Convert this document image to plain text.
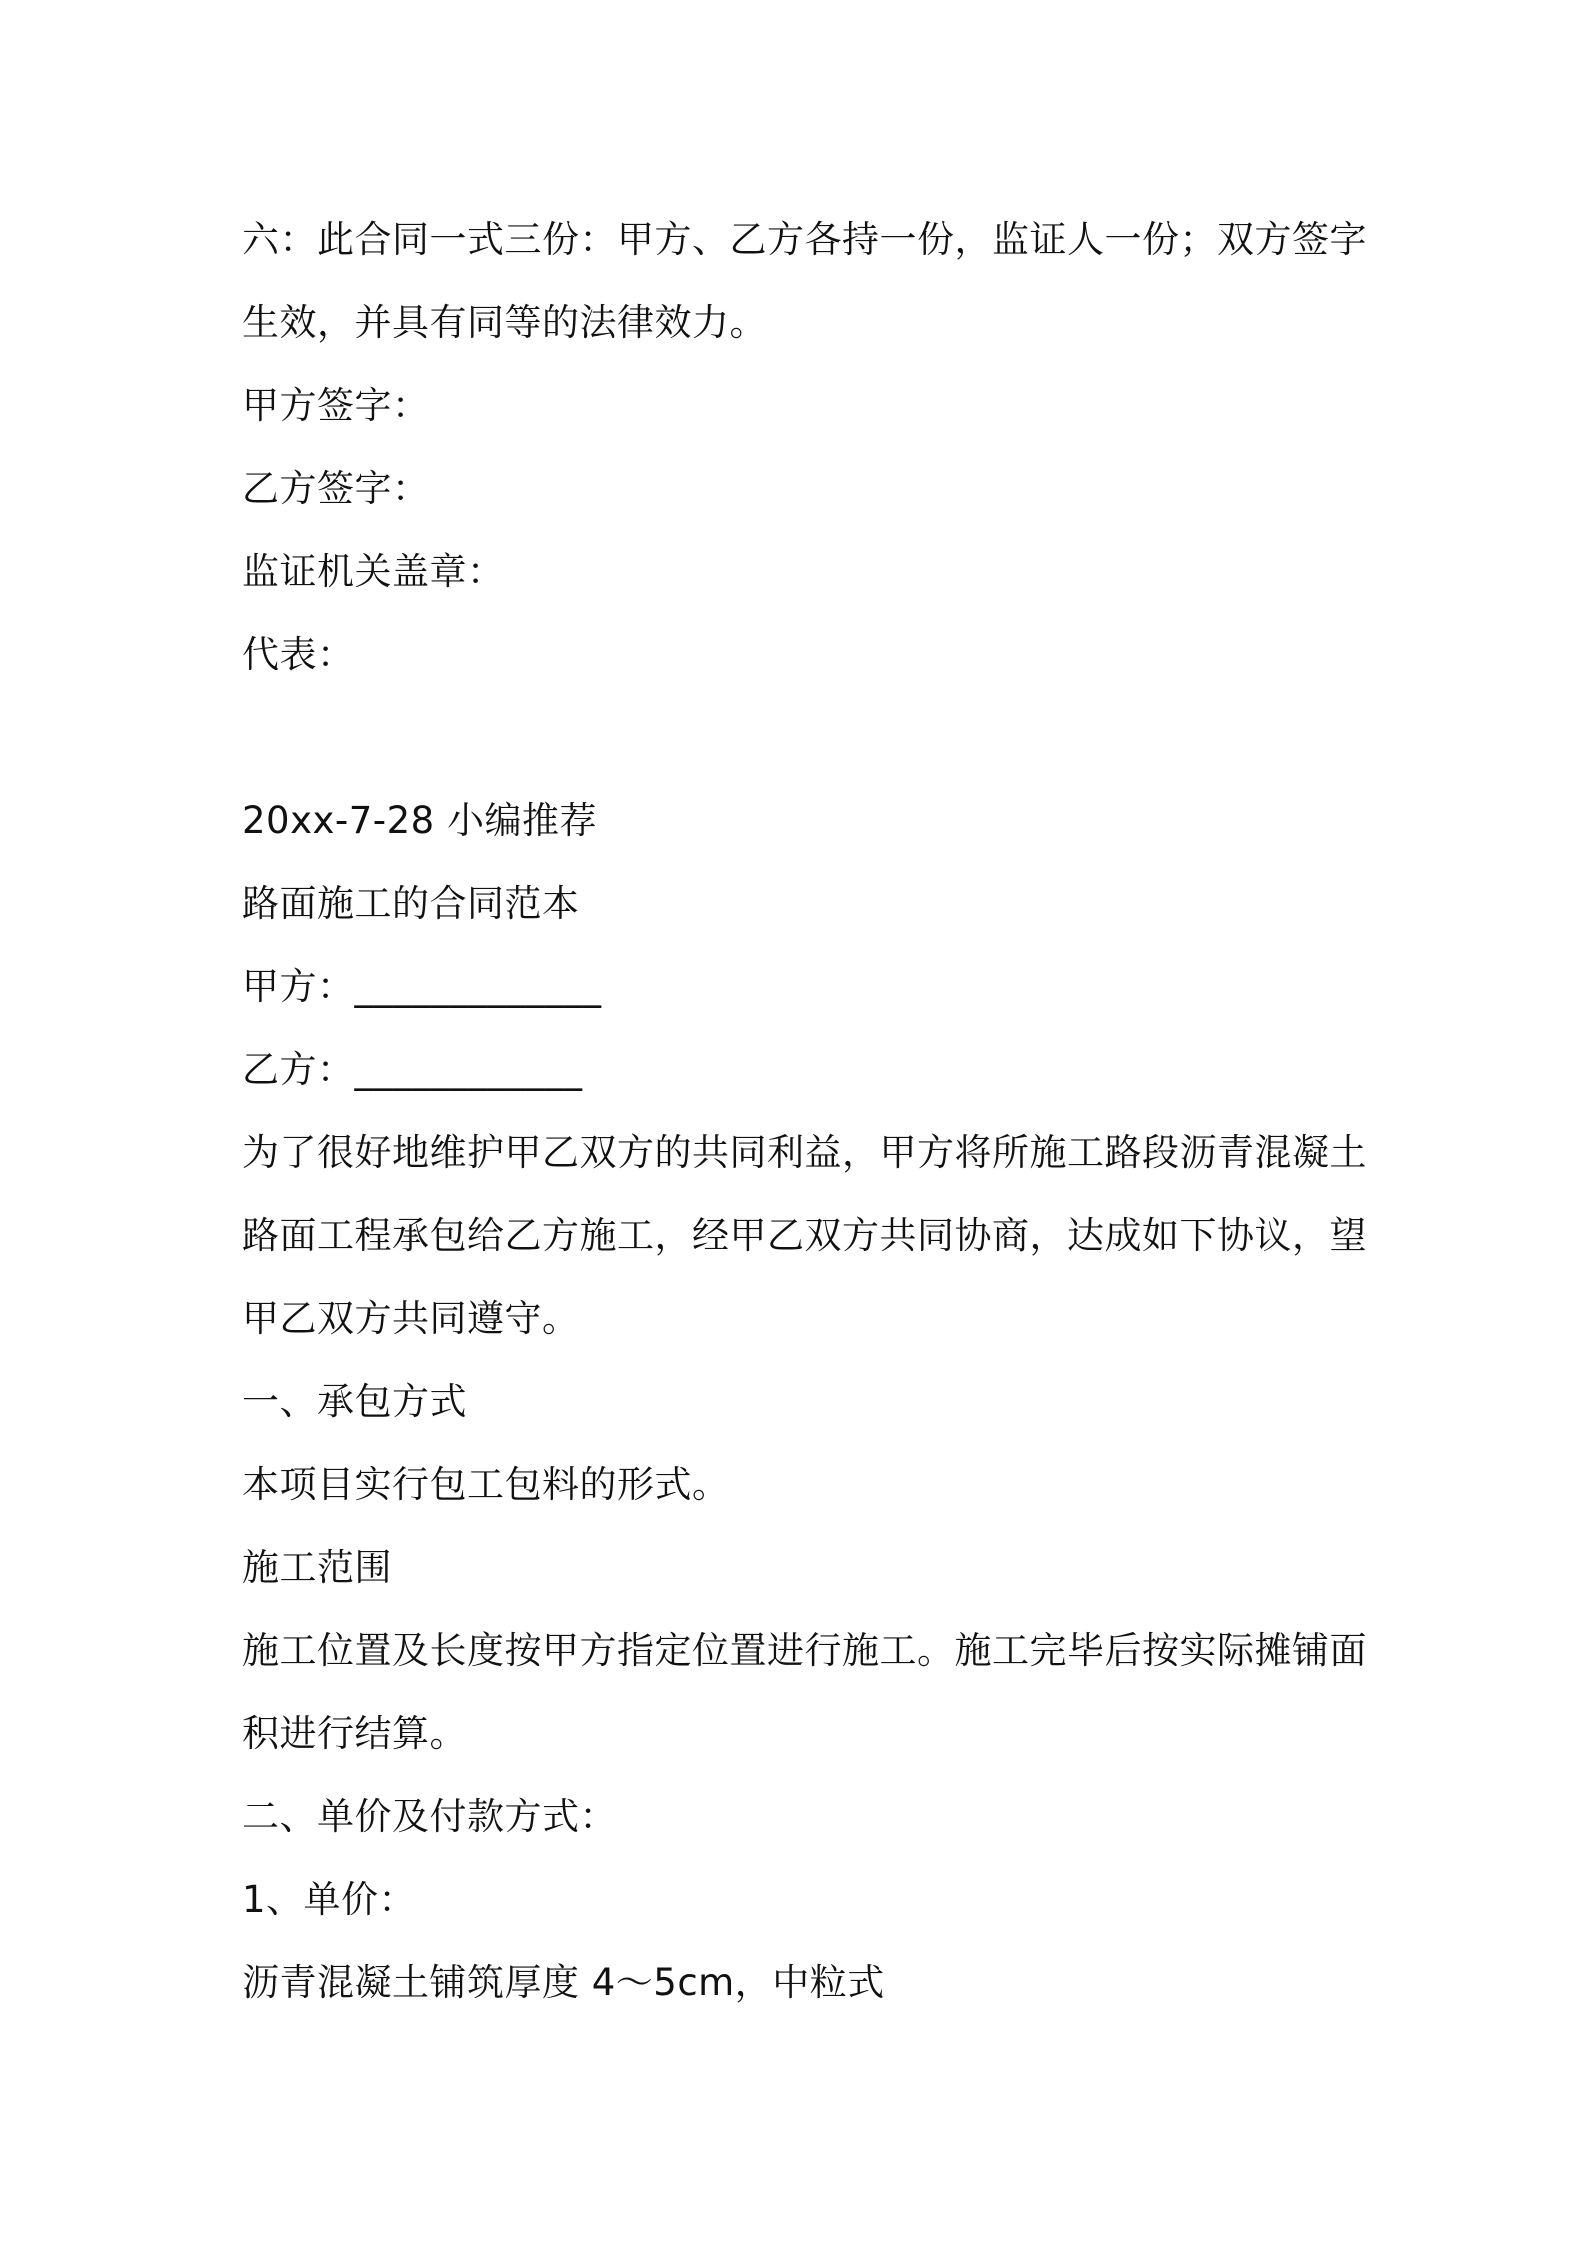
六：此合同一式三份：甲方、乙方各持一份，监证人一份；双方签字
生效，并具有同等的法律效力。
甲方签字：
乙方签字：
监证机关盖章：
代表：
20xx-7-28 小编推荐
路面施工的合同范本
甲方：_____________
乙方：____________
为了很好地维护甲乙双方的共同利益，甲方将所施工路段沥青混凝土
路面工程承包给乙方施工，经甲乙双方共同协商，达成如下协议，望
甲乙双方共同遵守。
一、承包方式
本项目实行包工包料的形式。
施工范围
施工位置及长度按甲方指定位置进行施工。施工完毕后按实际摊铺面
积进行结算。
二、单价及付款方式：
1、单价：
沥青混凝土铺筑厚度 4～5cm，中粒式
